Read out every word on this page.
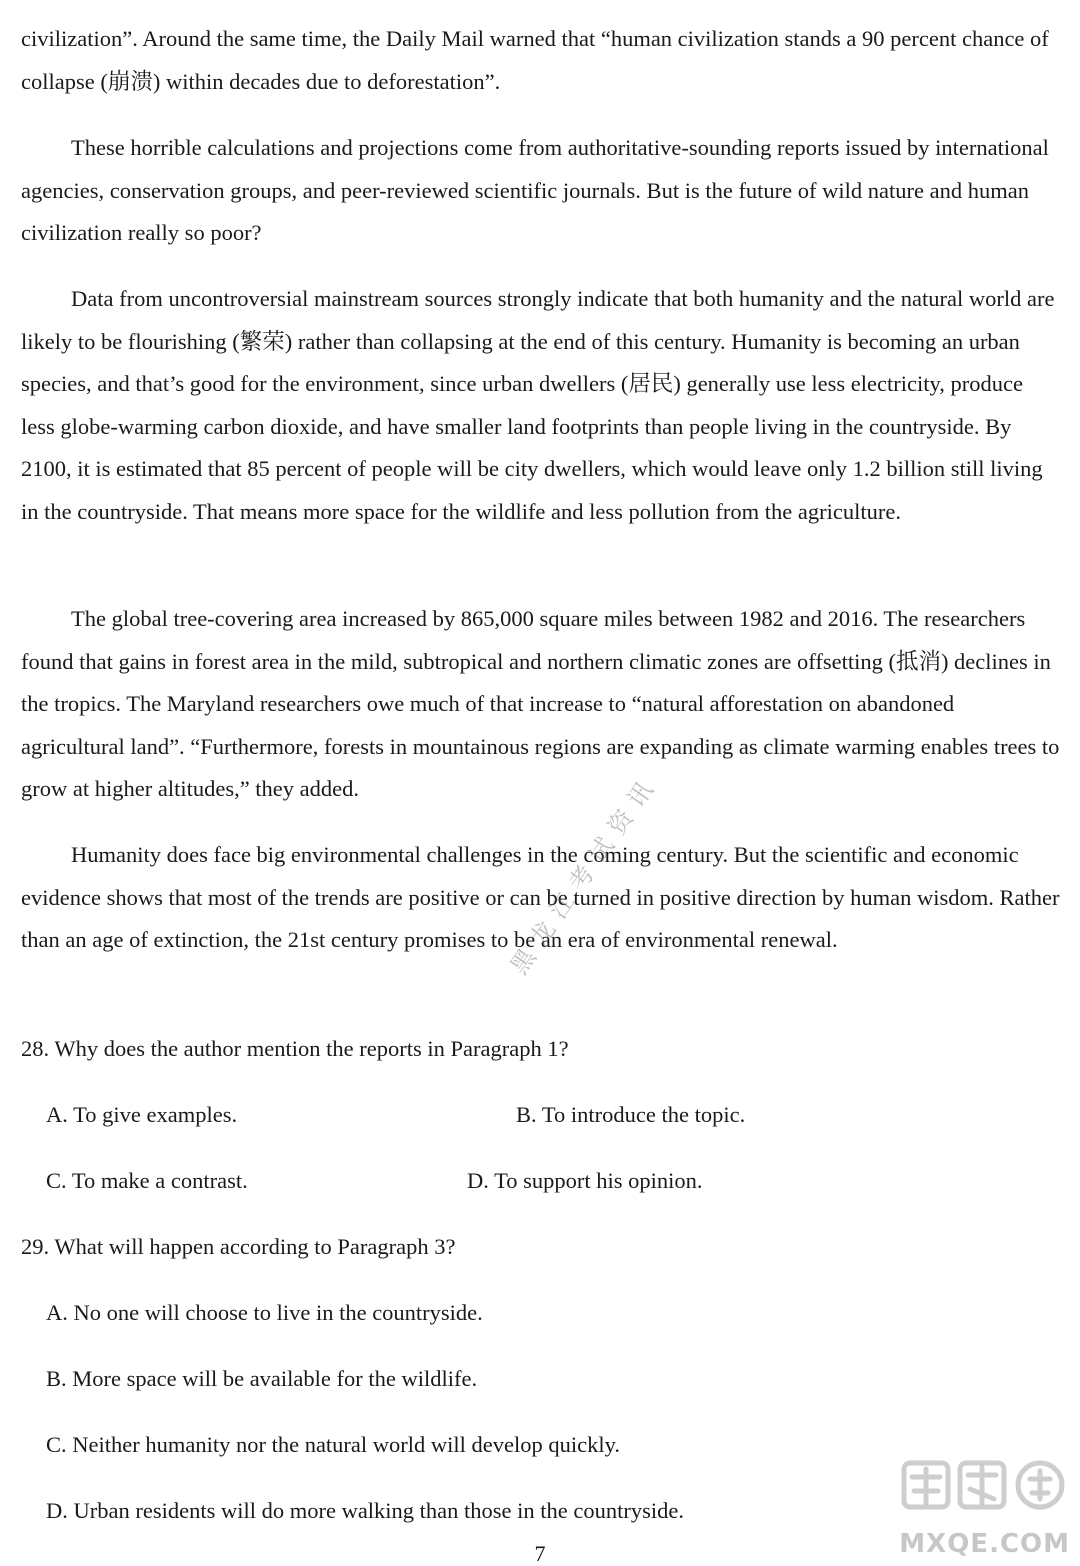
civilization”. Around the same time, the Daily Mail warned that “human civilization stands a 90 percent chance of collapse (崩溃) within decades due to deforestation”.

These horrible calculations and projections come from authoritative-sounding reports issued by international agencies, conservation groups, and peer-reviewed scientific journals. But is the future of wild nature and human civilization really so poor?

Data from uncontroversial mainstream sources strongly indicate that both humanity and the natural world are likely to be flourishing (繁荣) rather than collapsing at the end of this century. Humanity is becoming an urban species, and that’s good for the environment, since urban dwellers (居民) generally use less electricity, produce less globe-warming carbon dioxide, and have smaller land footprints than people living in the countryside. By 2100, it is estimated that 85 percent of people will be city dwellers, which would leave only 1.2 billion still living in the countryside. That means more space for the wildlife and less pollution from the agriculture.

The global tree-covering area increased by 865,000 square miles between 1982 and 2016. The researchers found that gains in forest area in the mild, subtropical and northern climatic zones are offsetting (抵消) declines in the tropics. The Maryland researchers owe much of that increase to “natural afforestation on abandoned agricultural land”. “Furthermore, forests in mountainous regions are expanding as climate warming enables trees to grow at higher altitudes,” they added.

Humanity does face big environmental challenges in the coming century. But the scientific and economic evidence shows that most of the trends are positive or can be turned in positive direction by human wisdom. Rather than an age of extinction, the 21st century promises to be an era of environmental renewal.

28. Why does the author mention the reports in Paragraph 1?
A. To give examples.	B. To introduce the topic.
C. To make a contrast.	D. To support his opinion.
29. What will happen according to Paragraph 3?
A. No one will choose to live in the countryside.
B. More space will be available for the wildlife.
C. Neither humanity nor the natural world will develop quickly.
D. Urban residents will do more walking than those in the countryside.
7
黑龙江考试资讯
MXQE.COM
